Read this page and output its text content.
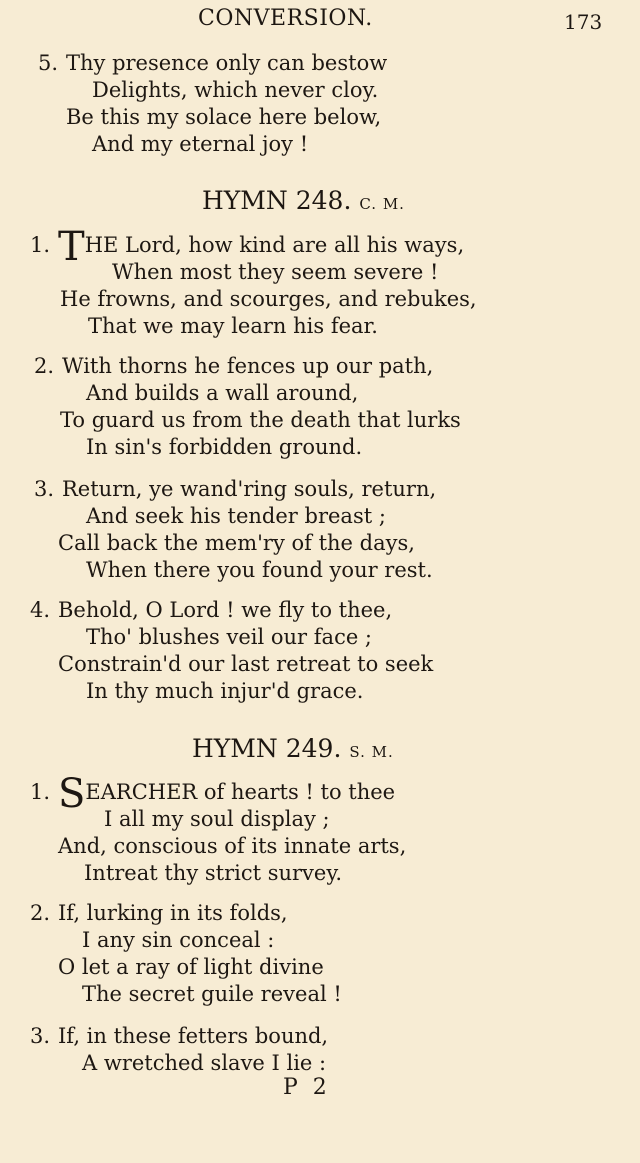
CONVERSION.	173
5. Thy presence only can bestow
Delights, which never cloy.
Be this my solace here below,
And my eternal joy !
HYMN 248. C. M.
1. THE Lord, how kind are all his ways,
When most they seem severe !
He frowns, and scourges, and rebukes,
That we may learn his fear.
2. With thorns he fences up our path,
And builds a wall around,
To guard us from the death that lurks
In sin's forbidden ground.
3. Return, ye wand'ring souls, return,
And seek his tender breast ;
Call back the mem'ry of the days,
When there you found your rest.
4. Behold, O Lord ! we fly to thee,
Tho' blushes veil our face ;
Constrain'd our last retreat to seek
In thy much injur'd grace.
HYMN 249. S. M.
1. SEARCHER of hearts ! to thee
I all my soul display ;
And, conscious of its innate arts,
Intreat thy strict survey.
2. If, lurking in its folds,
I any sin conceal :
O let a ray of light divine
The secret guile reveal !
3. If, in these fetters bound,
A wretched slave I lie :
P 2
